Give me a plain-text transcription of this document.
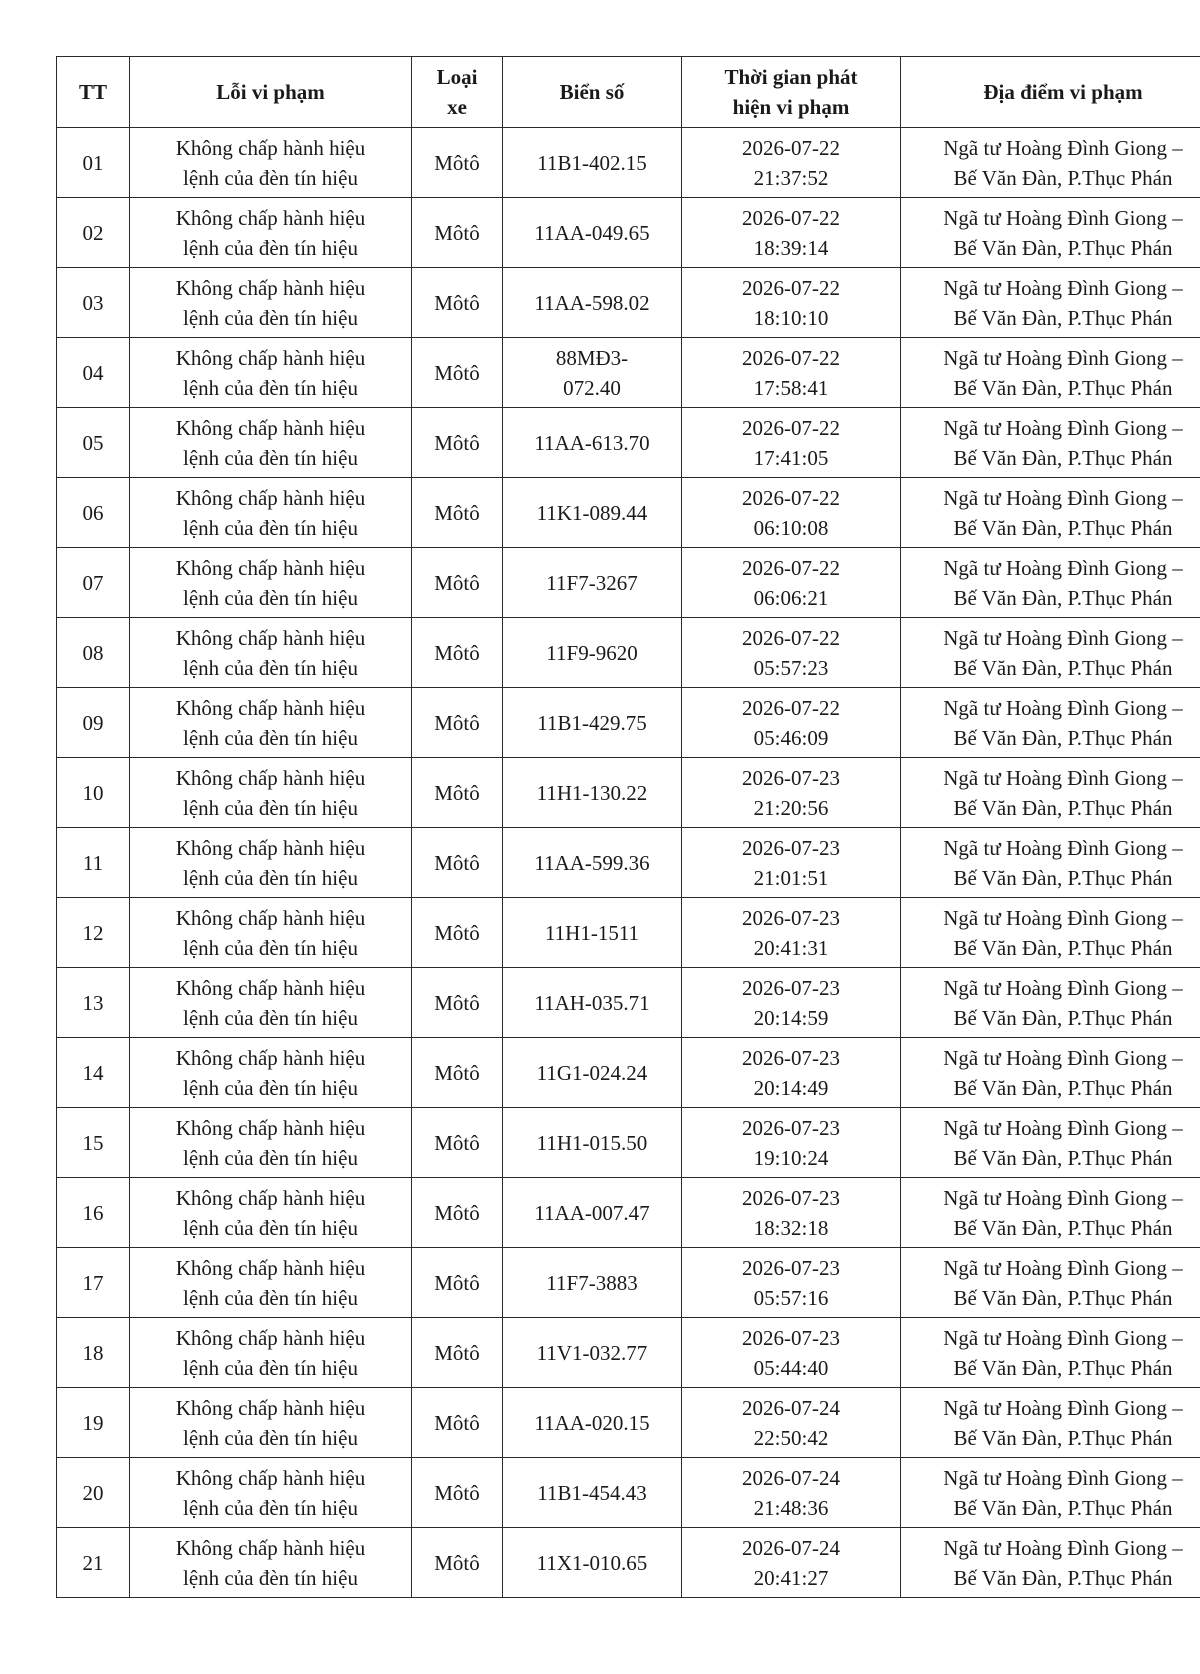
TT	Lỗi vi phạm	Loại
xe	Biển số	Thời gian phát
hiện vi phạm	Địa điểm vi phạm
01	Không chấp hành hiệu
lệnh của đèn tín hiệu	Môtô	11B1-402.15	2026-07-22
21:37:52	Ngã tư Hoàng Đình Giong –
Bế Văn Đàn, P.Thục Phán
02	Không chấp hành hiệu
lệnh của đèn tín hiệu	Môtô	11AA-049.65	2026-07-22
18:39:14	Ngã tư Hoàng Đình Giong –
Bế Văn Đàn, P.Thục Phán
03	Không chấp hành hiệu
lệnh của đèn tín hiệu	Môtô	11AA-598.02	2026-07-22
18:10:10	Ngã tư Hoàng Đình Giong –
Bế Văn Đàn, P.Thục Phán
04	Không chấp hành hiệu
lệnh của đèn tín hiệu	Môtô	88MĐ3-
072.40	2026-07-22
17:58:41	Ngã tư Hoàng Đình Giong –
Bế Văn Đàn, P.Thục Phán
05	Không chấp hành hiệu
lệnh của đèn tín hiệu	Môtô	11AA-613.70	2026-07-22
17:41:05	Ngã tư Hoàng Đình Giong –
Bế Văn Đàn, P.Thục Phán
06	Không chấp hành hiệu
lệnh của đèn tín hiệu	Môtô	11K1-089.44	2026-07-22
06:10:08	Ngã tư Hoàng Đình Giong –
Bế Văn Đàn, P.Thục Phán
07	Không chấp hành hiệu
lệnh của đèn tín hiệu	Môtô	11F7-3267	2026-07-22
06:06:21	Ngã tư Hoàng Đình Giong –
Bế Văn Đàn, P.Thục Phán
08	Không chấp hành hiệu
lệnh của đèn tín hiệu	Môtô	11F9-9620	2026-07-22
05:57:23	Ngã tư Hoàng Đình Giong –
Bế Văn Đàn, P.Thục Phán
09	Không chấp hành hiệu
lệnh của đèn tín hiệu	Môtô	11B1-429.75	2026-07-22
05:46:09	Ngã tư Hoàng Đình Giong –
Bế Văn Đàn, P.Thục Phán
10	Không chấp hành hiệu
lệnh của đèn tín hiệu	Môtô	11H1-130.22	2026-07-23
21:20:56	Ngã tư Hoàng Đình Giong –
Bế Văn Đàn, P.Thục Phán
11	Không chấp hành hiệu
lệnh của đèn tín hiệu	Môtô	11AA-599.36	2026-07-23
21:01:51	Ngã tư Hoàng Đình Giong –
Bế Văn Đàn, P.Thục Phán
12	Không chấp hành hiệu
lệnh của đèn tín hiệu	Môtô	11H1-1511	2026-07-23
20:41:31	Ngã tư Hoàng Đình Giong –
Bế Văn Đàn, P.Thục Phán
13	Không chấp hành hiệu
lệnh của đèn tín hiệu	Môtô	11AH-035.71	2026-07-23
20:14:59	Ngã tư Hoàng Đình Giong –
Bế Văn Đàn, P.Thục Phán
14	Không chấp hành hiệu
lệnh của đèn tín hiệu	Môtô	11G1-024.24	2026-07-23
20:14:49	Ngã tư Hoàng Đình Giong –
Bế Văn Đàn, P.Thục Phán
15	Không chấp hành hiệu
lệnh của đèn tín hiệu	Môtô	11H1-015.50	2026-07-23
19:10:24	Ngã tư Hoàng Đình Giong –
Bế Văn Đàn, P.Thục Phán
16	Không chấp hành hiệu
lệnh của đèn tín hiệu	Môtô	11AA-007.47	2026-07-23
18:32:18	Ngã tư Hoàng Đình Giong –
Bế Văn Đàn, P.Thục Phán
17	Không chấp hành hiệu
lệnh của đèn tín hiệu	Môtô	11F7-3883	2026-07-23
05:57:16	Ngã tư Hoàng Đình Giong –
Bế Văn Đàn, P.Thục Phán
18	Không chấp hành hiệu
lệnh của đèn tín hiệu	Môtô	11V1-032.77	2026-07-23
05:44:40	Ngã tư Hoàng Đình Giong –
Bế Văn Đàn, P.Thục Phán
19	Không chấp hành hiệu
lệnh của đèn tín hiệu	Môtô	11AA-020.15	2026-07-24
22:50:42	Ngã tư Hoàng Đình Giong –
Bế Văn Đàn, P.Thục Phán
20	Không chấp hành hiệu
lệnh của đèn tín hiệu	Môtô	11B1-454.43	2026-07-24
21:48:36	Ngã tư Hoàng Đình Giong –
Bế Văn Đàn, P.Thục Phán
21	Không chấp hành hiệu
lệnh của đèn tín hiệu	Môtô	11X1-010.65	2026-07-24
20:41:27	Ngã tư Hoàng Đình Giong –
Bế Văn Đàn, P.Thục Phán
